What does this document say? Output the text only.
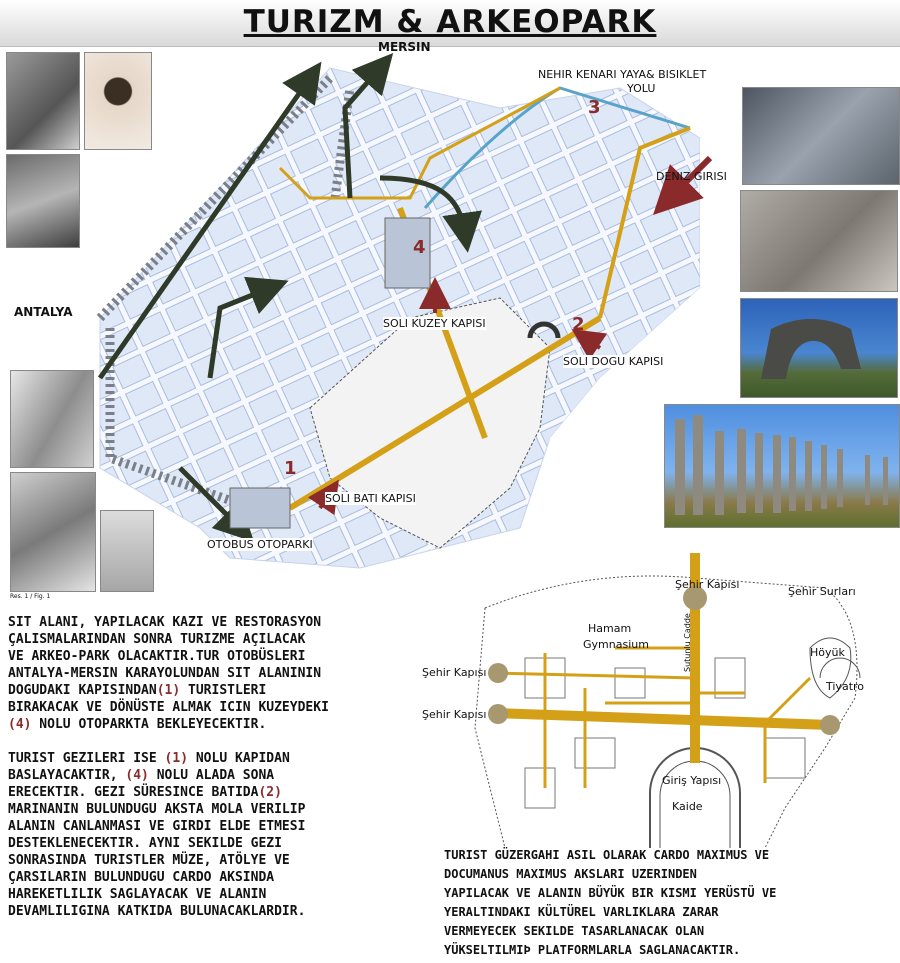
TURIZM & ARKEOPARK
MERSIN
NEHIR KENARI YAYA& BISIKLET
YOLU
DENIZ GIRISI
ANTALYA
SOLI KUZEY KAPISI
SOLI DOGU KAPISI
SOLI BATI KAPISI
OTOBUS OTOPARKI
Res. 1 / Fig. 1
1
2
3
4
Şehir Kapısı
Şehir Surları
Hamam
Gymnasium	Sutunlu Cadde	Höyük
Tiyatro
Şehir Kapısı
Şehir Kapısı
Giriş Yapısı
Kaide
SIT ALANI, YAPILACAK KAZI VE RESTORASYON
ÇALISMALARINDAN SONRA TURIZME AÇILACAK
VE ARKEO-PARK OLACAKTIR.TUR OTOBÜSLERI
ANTALYA-MERSIN KARAYOLUNDAN SIT ALANININ
DOGUDAKI KAPISINDAN(1) TURISTLERI
BIRAKACAK VE DÖNÜSTE ALMAK ICIN KUZEYDEKI
(4) NOLU OTOPARKTA BEKLEYECEKTIR.
TURIST GEZILERI ISE (1) NOLU KAPIDAN
BASLAYACAKTIR, (4) NOLU ALADA SONA
ERECEKTIR. GEZI SÜRESINCE BATIDA(2)
MARINANIN BULUNDUGU AKSTA MOLA VERILIP
ALANIN CANLANMASI VE GIRDI ELDE ETMESI
DESTEKLENECEKTIR. AYNI SEKILDE GEZI
SONRASINDA TURISTLER MÜZE, ATÖLYE VE
ÇARSILARIN BULUNDUGU CARDO AKSINDA
HAREKETLILIK SAGLAYACAK VE ALANIN
DEVAMLILIGINA KATKIDA BULUNACAKLARDIR.
TURIST GÜZERGAHI ASIL OLARAK CARDO MAXIMUS VE
DOCUMANUS MAXIMUS AKSLARI UZERINDEN
YAPILACAK VE ALANIN BÜYÜK BIR KISMI YERÜSTÜ VE
YERALTINDAKI KÜLTÜREL VARLIKLARA ZARAR
VERMEYECEK SEKILDE TASARLANACAK OLAN
YÜKSELTILMIÞ PLATFORMLARLA SAGLANACAKTIR.
